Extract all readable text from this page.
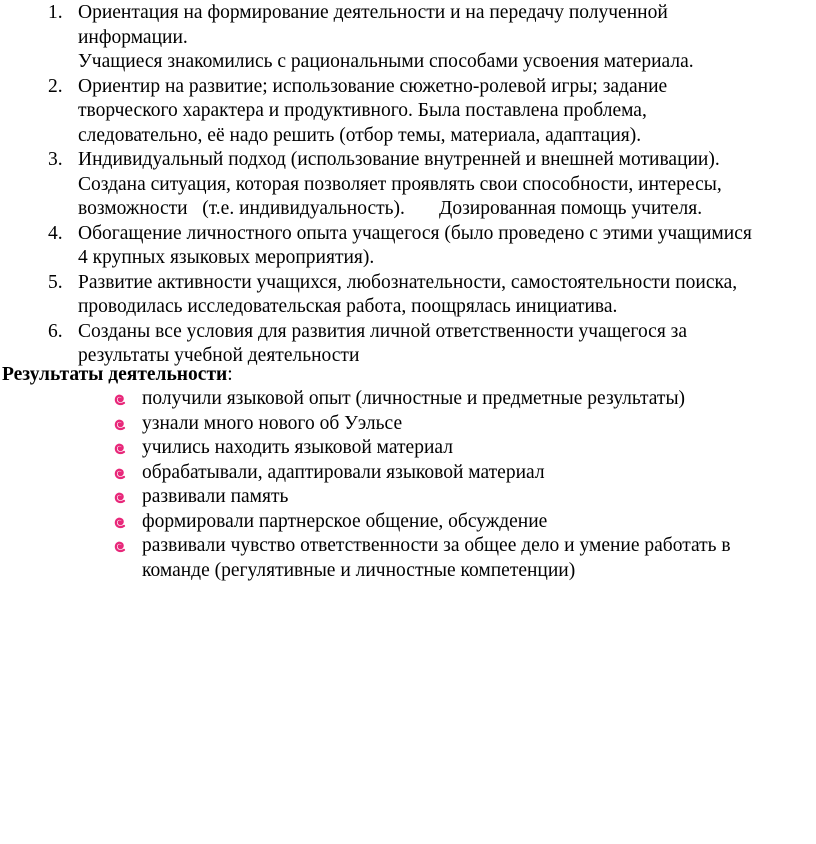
1. Ориентация на формирование деятельности и на передачу полученной
информации.
Учащиеся знакомились с рациональными способами усвоения материала.
2. Ориентир на развитие; использование сюжетно-ролевой игры; задание
творческого характера и продуктивного. Была поставлена проблема,
следовательно, её надо решить (отбор темы, материала, адаптация).
3. Индивидуальный подход (использование внутренней и внешней мотивации).
Создана ситуация, которая позволяет проявлять свои способности, интересы,
возможности   (т.е. индивидуальность).       Дозированная помощь учителя.
4. Обогащение личностного опыта учащегося (было проведено с этими учащимися
4 крупных языковых мероприятия).
5. Развитие активности учащихся, любознательности, самостоятельности поиска,
проводилась исследовательская работа, поощрялась инициатива.
6. Созданы все условия для развития личной ответственности учащегося за
результаты учебной деятельности
Результаты деятельности:
получили языковой опыт (личностные и предметные результаты)
узнали много нового об Уэльсе
учились находить языковой материал
обрабатывали, адаптировали языковой материал
развивали память
формировали партнерское общение, обсуждение
развивали чувство ответственности за общее дело и умение работать в
команде (регулятивные и личностные компетенции)
